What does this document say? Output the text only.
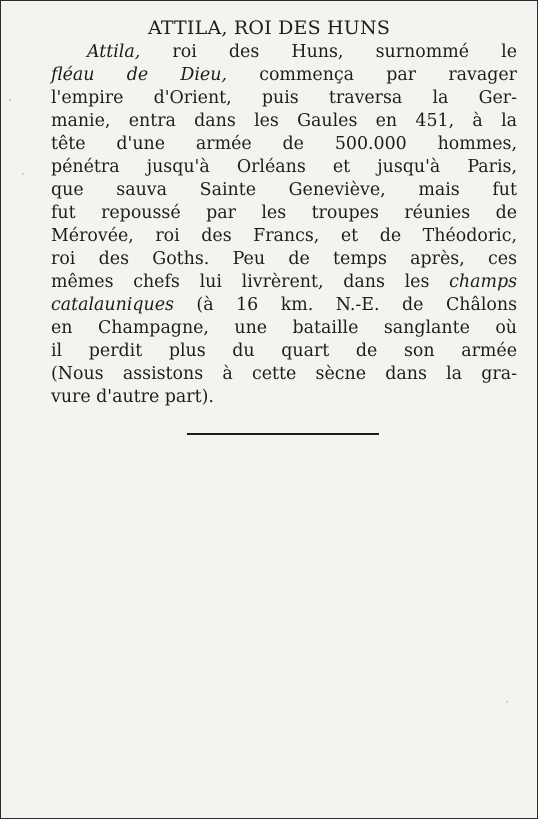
ATTILA, ROI DES HUNS
Attila, roi des Huns, surnommé le
fléau de Dieu, commença par ravager
l'empire d'Orient, puis traversa la Ger-
manie, entra dans les Gaules en 451, à la
tête d'une armée de 500.000 hommes,
pénétra jusqu'à Orléans et jusqu'à Paris,
que sauva Sainte Geneviève, mais fut
fut repoussé par les troupes réunies de
Mérovée, roi des Francs, et de Théodoric,
roi des Goths. Peu de temps après, ces
mêmes chefs lui livrèrent, dans les champs
catalauniques (à 16 km. N.-E. de Châlons
en Champagne, une bataille sanglante où
il perdit plus du quart de son armée
(Nous assistons à cette sècne dans la gra-
vure d'autre part).
